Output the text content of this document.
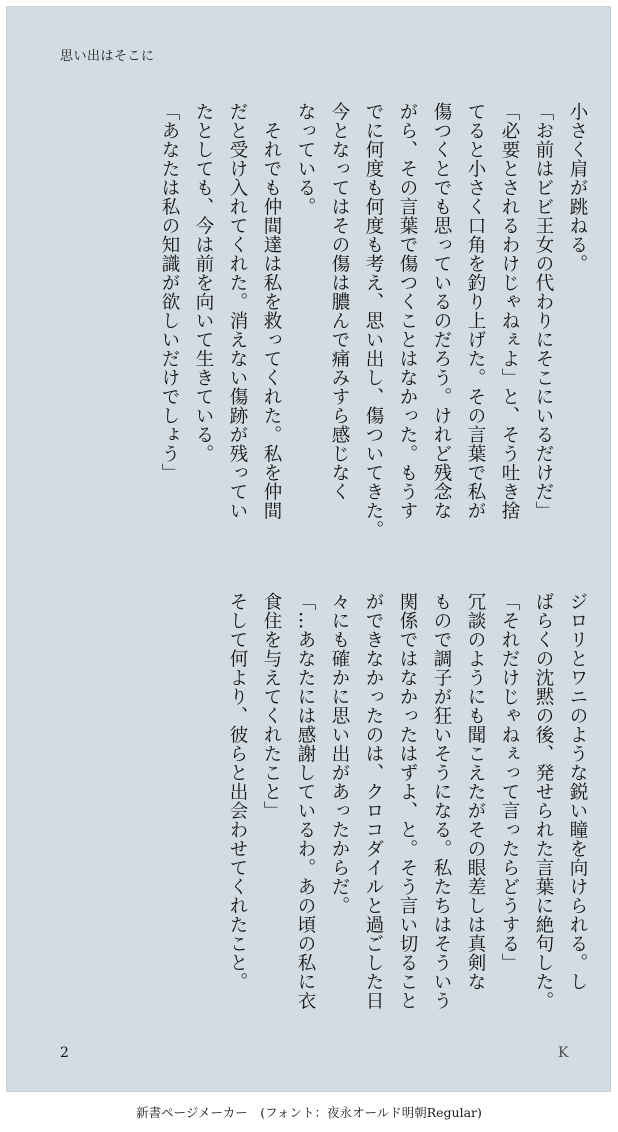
思い出はそこに
小さく肩が跳ねる。
「お前はビビ王女の代わりにそこにいるだけだ」
「必要とされるわけじゃねぇよ」と、そう吐き捨
てると小さく口角を釣り上げた。その言葉で私が
傷つくとでも思っているのだろう。けれど残念な
がら、その言葉で傷つくことはなかった。もうす
でに何度も何度も考え、思い出し、傷ついてきた。
今となってはその傷は膿んで痛みすら感じなく
なっている。
　それでも仲間達は私を救ってくれた。私を仲間
だと受け入れてくれた。消えない傷跡が残ってい
たとしても、今は前を向いて生きている。
「あなたは私の知識が欲しいだけでしょう」
ジロリとワニのような鋭い瞳を向けられる。し
ばらくの沈黙の後、発せられた言葉に絶句した。
「それだけじゃねぇって言ったらどうする」
冗談のようにも聞こえたがその眼差しは真剣な
もので調子が狂いそうになる。私たちはそういう
関係ではなかったはずよ、と。そう言い切ること
ができなかったのは、クロコダイルと過ごした日
々にも確かに思い出があったからだ。
「…あなたには感謝しているわ。あの頃の私に衣
食住を与えてくれたこと」
そして何より、彼らと出会わせてくれたこと。
2	K
新書ページメーカー　(フォント：夜永オールド明朝Regular)
